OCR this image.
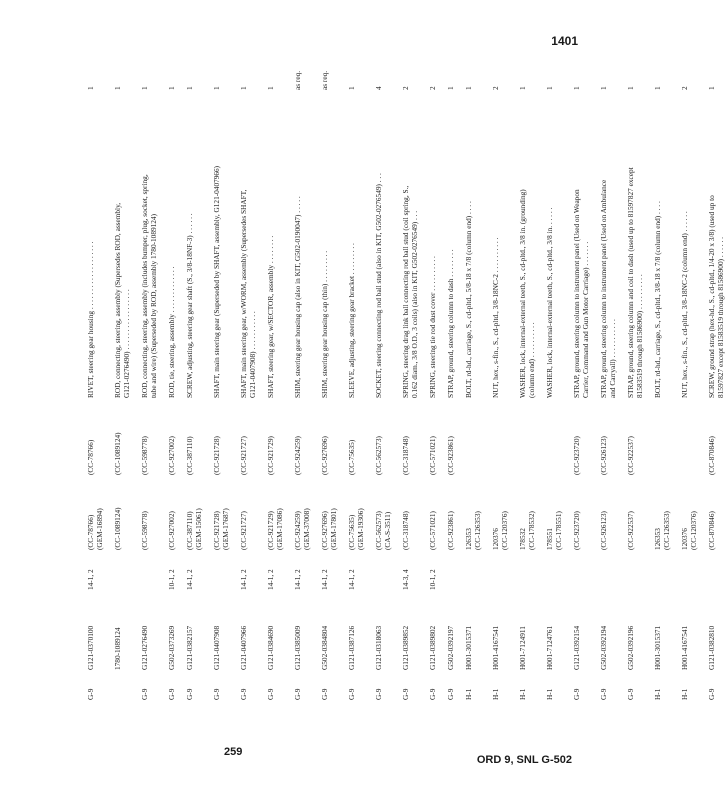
1401
G-9
G121-0370100
14-1, 2
(CC-78766) (GEM-16894)
(CC-78766)
RIVET, steering gear housing . . . . . . . . . . . . . . . . . . .
1
1780-1089124
(CC-1089124)
(CC-1089124)
ROD, connecting, steering, assembly (Supersedes ROD, assembly, G121-0276490) . . . . . . . . . . . . . . . . .
1
G-9
G121-0276490
(CC-598778)
(CC-598778)
ROD, connecting, steering, assembly (includes bumper, plug, socket, spring, tube and wire) (Superseded by ROD, assembly 1780-1089124)
1
G-9
G502-0373269
10-1, 2
(CC-927002)
(CC-927002)
ROD, tie, steering, assembly . . . . . . . . . . . . .
1
G-9
G121-0382157
14-1, 2
(CC-387110) (GEM-15061)
(CC-387110)
SCREW, adjusting, steering gear shaft (S., 3/8-18NF-3) . . . . . .
1
G-9
G121-0407908
(CC-921728) (GEM-17687)
(CC-921728)
SHAFT, main steering gear (Superseded by SHAFT, assembly, G121-0407966)
1
G-9
G121-0407966
14-1, 2
(CC-921727)
(CC-921727)
SHAFT, main steering gear, w/WORM, assembly (Supersedes SHAFT, G121-0407908) . . . . . . . . . . .
1
G-9
G121-0384690
14-1, 2
(CC-921729) (GEM-17086)
(CC-921729)
SHAFT, steering gear, w/SECTOR, assembly . . . . . . . .
1
G-9
G121-0385009
14-1, 2
(CC-924259) (GEM-37008)
(CC-924259)
SHIM, steering gear housing cap (also in KIT, G502-0190047) . . . . .
as req.
G-9
G502-0384804
14-1, 2
(CC-927696) (GEM-17801)
(CC-927696)
SHIM, steering gear housing cap (thin) . . . . . . . . .
as req.
G-9
G121-0387126
14-1, 2
(CC-75635) (GEM-19306)
(CC-75635)
SLEEVE, adjusting, steering gear bracket . . . . . . . . .
1
G-9
G121-0318063
(CC-562573) (CA-S-3511)
(CC-562573)
SOCKET, steering connecting rod ball stud (also in KIT, G502-0276549) . . .
4
G-9
G121-0389852
14-3, 4
(CC-318748)
(CC-318748)
SPRING, steering drag link ball connecting rod ball stud (coil spring, S., 0.162 diam., 3/8 O.D., 3 coils) (also in KIT, G502-0276549) . . .
2
G-9
G121-0389802
10-1, 2
(CC-571021)
(CC-571021)
SPRING, steering tie rod dust cover . . . . . . . . . .
2
G-9
G502-0392197
(CC-923861)
(CC-923861)
STRAP, ground, steering column to dash . . . . . . . .
1
H-1
H001-3015371
126353 (CC-126353)
BOLT, rd-hd., carriage, S., cd-pltd., 5/8-18 x 7/8 (column end) . . . .
1
H-1
H001-4167541
120376 (CC-120376)
NUT, hex., s-fin., S., cd-pltd., 3/8-18NC-2 . . . . . . . . . .
2
H-1
H001-7124911
178532 (CC-178532)
WASHER, lock, internal-external teeth, S., cd-pltd., 3/8 in. (grounding) (column end) . . . . . . . . . .
1
H-1
H001-7124761
178551 (CC-178551)
WASHER, lock, internal-external teeth, S., cd-pltd., 3/8 in. . . . . .
1
G-9
G121-0392154
(CC-923720)
(CC-923720)
STRAP, ground, steering column to instrument panel (Used on Weapon Carrier, Command and Gun Motor Carriage) . . . . . . .
1
G-9
G502-0392194
(CC-926123)
(CC-926123)
STRAP, ground, steering column to instrument panel (Used on Ambulance and Carryall) . . . . . . . . . . .
1
G-9
G502-0392196
(CC-922537)
(CC-922537)
STRAP, ground, steering column and coil to dash (used up to 81597827 except 81583519 through 81586900) . . . . . . . . . .
1
H-1
H001-3015371
126353 (CC-126353)
BOLT, rd-hd., carriage, S., cd-pltd., 3/8-18 x 7/8 (column end) . . . .
1
H-1
H001-4167541
120376 (CC-120376)
NUT, hex., s-fin., S., cd-pltd., 3/8-18NC-2 (column end) . . . . . .
2
G-9
G121-0382810
(CC-870846)
(CC-870846)
SCREW, ground strap (hex-hd., S., cd-pltd., 1/4-20 x 3/8) (used up to 81597827 except 81583519 through 81586900) . . . . . .
1
259
ORD 9, SNL G-502
